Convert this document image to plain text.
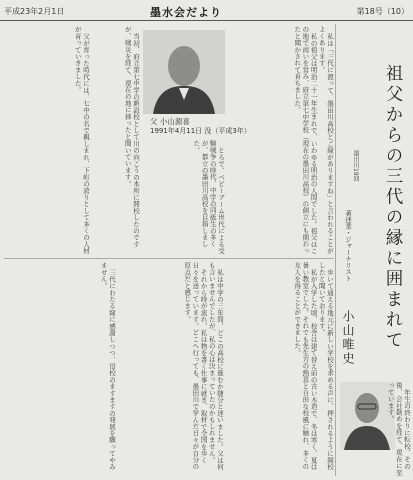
平成23年2月1日	墨水会だより	第18号（10）
祖父からの三代の縁に囲まれて
墨田川19回
著述業・ジャーナリスト
小山唯史
父 小山源喜
1991年4月11日 没（平成3年）	私は「三代に渡って、墨田川高校とご縁がありますね」と言われることがよくあります。

私の祖父は明治二十一年生まれで、いわゆる明治の人間でした。祖父はこの地で商いを営み、府立第七中学校（現在の墨田川高校）の創立にも関わったと聞かされて育ちました。

当初、府立第七中学の新設校として川の向こうの本所に開校したのですが、戦災を経て、現在の地に移ったと聞いています。

父が育った時代には、七中の名で親しまれ、下町の誇りとして多くの人材が育っていきました。

とろで、ベビーブーム世代による受験戦争の時代、中学の同級生の多くが、都立の墨田川高校を目指しました。

歩いて通える地元に新しい学校を求める声に、押されるように開校したと聞いております。

私が入学した頃、校舎は建て替え前の古い木造で、冬は寒く、夏は暑い教室でした。それでも先生方の熱意と自由な校風に触れ、多くの友人を得ることができました。

私は中学の三年間、どこの高校に進むか随分と迷いました。父は何も言いませんでしたが、私の心は決まっていたのかもしれません。

それから時が流れ、私は物を書く仕事に就き、取材で全国を歩く日々を送っています。どこへ行っても、墨田川で学んだ日々が自分の原点だと感じます。

三代にわたる縁に感謝しつつ、母校のますますの発展を願ってやみません。

年生の終わりに転校、その後、会社勤めを経て、現在に至っています。
